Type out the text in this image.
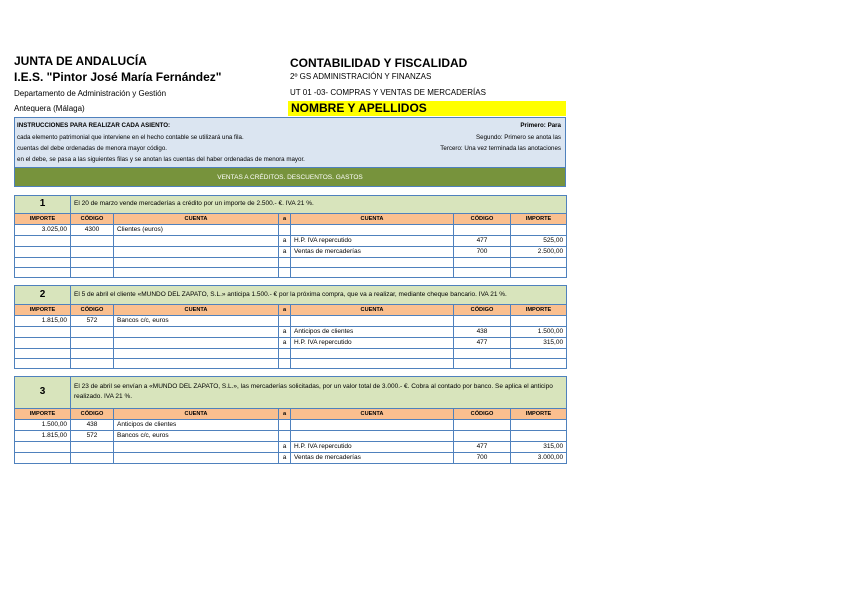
JUNTA DE ANDALUCÍA
I.E.S. "Pintor José María Fernández"
Departamento de Administración y Gestión
Antequera (Málaga)
CONTABILIDAD Y FISCALIDAD
2º GS ADMINISTRACIÓN Y FINANZAS
UT 01 -03- COMPRAS Y VENTAS DE MERCADERÍAS
NOMBRE Y APELLIDOS
INSTRUCCIONES PARA REALIZAR CADA ASIENTO:
cada elemento patrimonial que interviene en el hecho contable se utilizará una fila.
cuentas del debe ordenadas de menora mayor código.
en el debe, se pasa a las siguientes filas y se anotan las cuentas del haber ordenadas de menora mayor.
Primero: Para
Segundo: Primero se anota las
Tercero: Una vez terminada las anotaciones
VENTAS A CRÉDITOS. DESCUENTOS. GASTOS

1	El 20 de marzo vende mercaderías a crédito por un importe de 2.500.- €. IVA 21 %.					
IMPORTE	CÓDIGO	CUENTA	a	CUENTA	CÓDIGO	IMPORTE
3.025,00	4300	Clientes (euros)				
			a	H.P. IVA repercutido	477	525,00
			a	Ventas de mercaderías	700	2.500,00

2	El 5 de abril el cliente «MUNDO DEL ZAPATO, S.L.» anticipa 1.500.- € por la próxima compra, que va a realizar, mediante cheque bancario. IVA 21 %.					
IMPORTE	CÓDIGO	CUENTA	a	CUENTA	CÓDIGO	IMPORTE
1.815,00	572	Bancos c/c, euros				
			a	Anticipos de clientes	438	1.500,00
			a	H.P. IVA repercutido	477	315,00

3	El 23 de abril se envían a «MUNDO DEL ZAPATO, S.L.», las mercaderías solicitadas, por un valor total de 3.000.- €. Cobra al contado por banco. Se aplica el anticipo realizado. IVA 21 %.					
IMPORTE	CÓDIGO	CUENTA	a	CUENTA	CÓDIGO	IMPORTE
1.500,00	438	Anticipos de clientes				
1.815,00	572	Bancos c/c, euros				
			a	H.P. IVA repercutido	477	315,00
			a	Ventas de mercaderías	700	3.000,00
